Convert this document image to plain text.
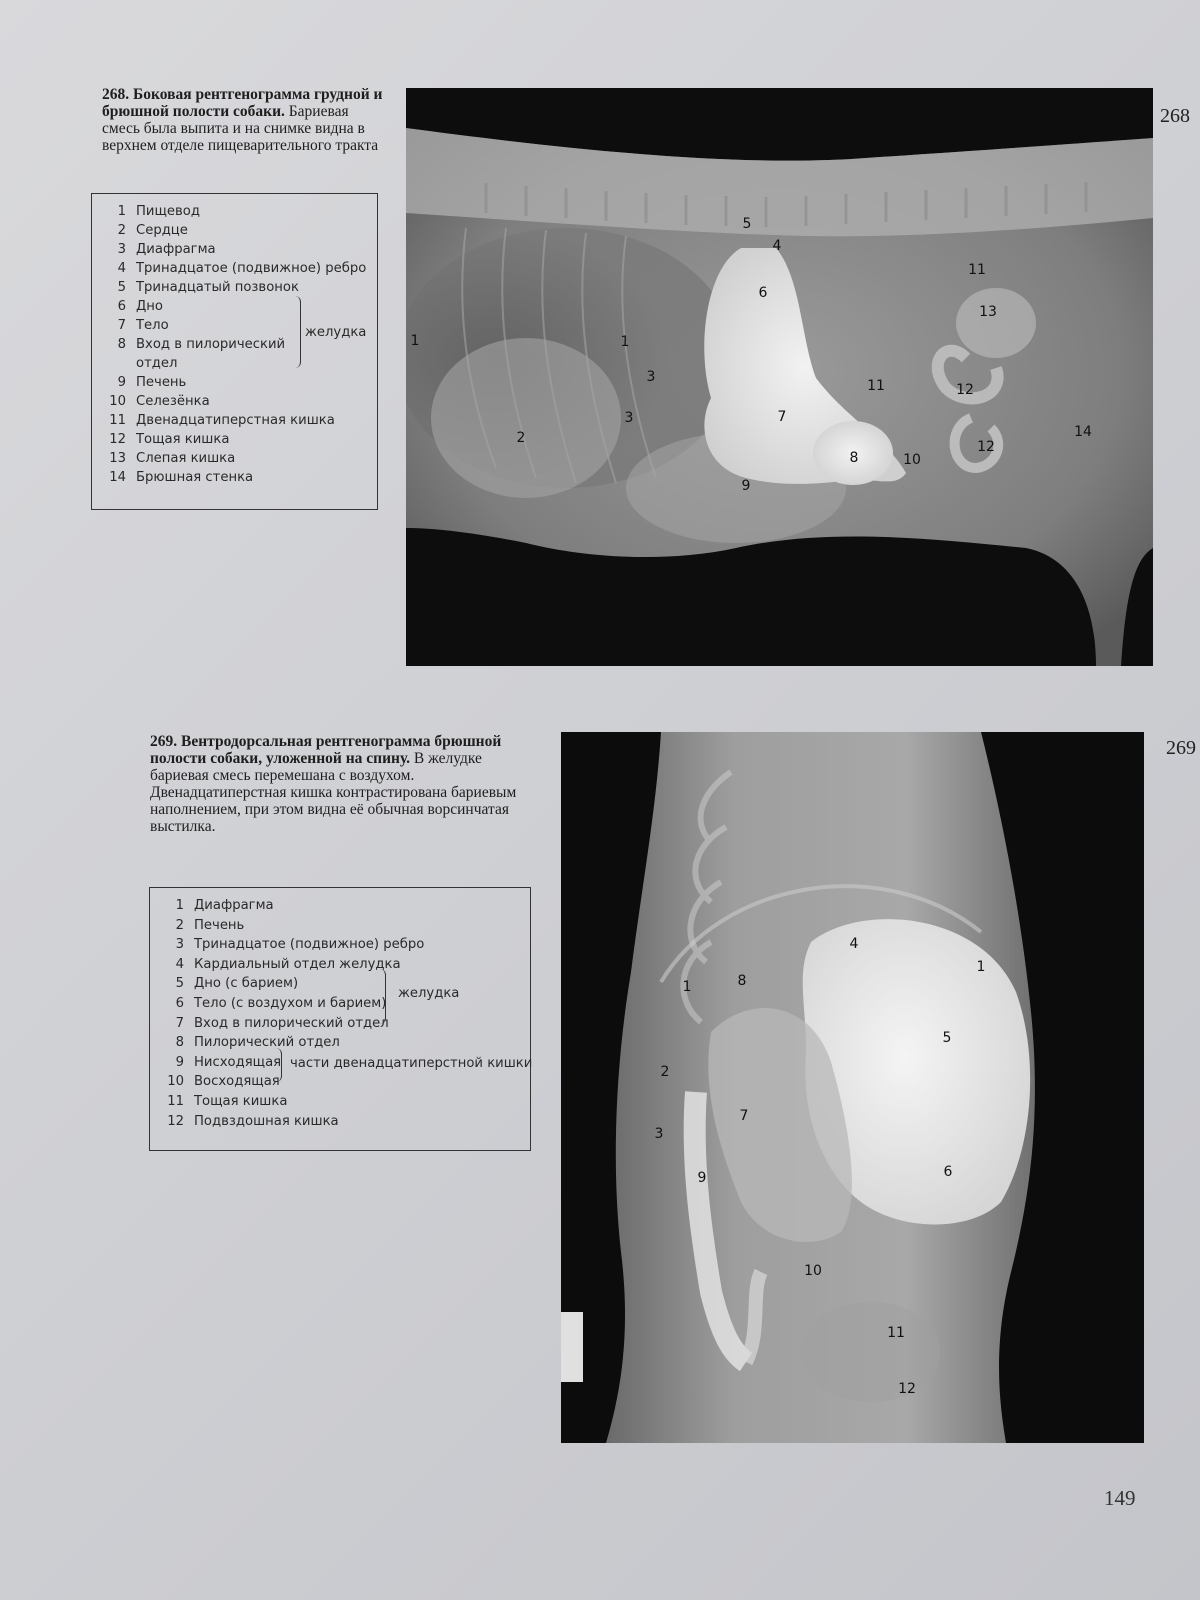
268. Боковая рентгенограмма грудной и брюшной полости собаки. Бариевая смесь была выпита и на снимке видна в верхнем отделе пищеварительного тракта
1 Пищевод
2 Сердце
3 Диафрагма
4 Тринадцатое (подвижное) ребро
5 Тринадцатый позвонок
6 Дно
7 Тело
8 Вход в пилорический
отдел
9 Печень
10 Селезёнка
11 Двенадцатиперстная кишка
12 Тощая кишка
13 Слепая кишка
14 Брюшная стенка
желудка
5
4
11
6
13
1	1
3
11	12
7
3
2
8	10
12
14
9
268
269. Вентродорсальная рентгенограмма брюшной полости собаки, уложенной на спину. В желудке бариевая смесь перемешана с воздухом. Двенадцатиперстная кишка контрастирована бариевым наполнением, при этом видна её обычная ворсинчатая выстилка.
1 Диафрагма
2 Печень
3 Тринадцатое (подвижное) ребро
4 Кардиальный отдел желудка
5 Дно (с барием)
6 Тело (с воздухом и барием)
7 Вход в пилорический отдел
8 Пилорический отдел
9 Нисходящая
10 Восходящая
11 Тощая кишка
12 Подвздошная кишка
желудка
части двенадцатиперстной кишки
4
1
8
1
5
2
7
3
9	6
10
11
12
269
149
